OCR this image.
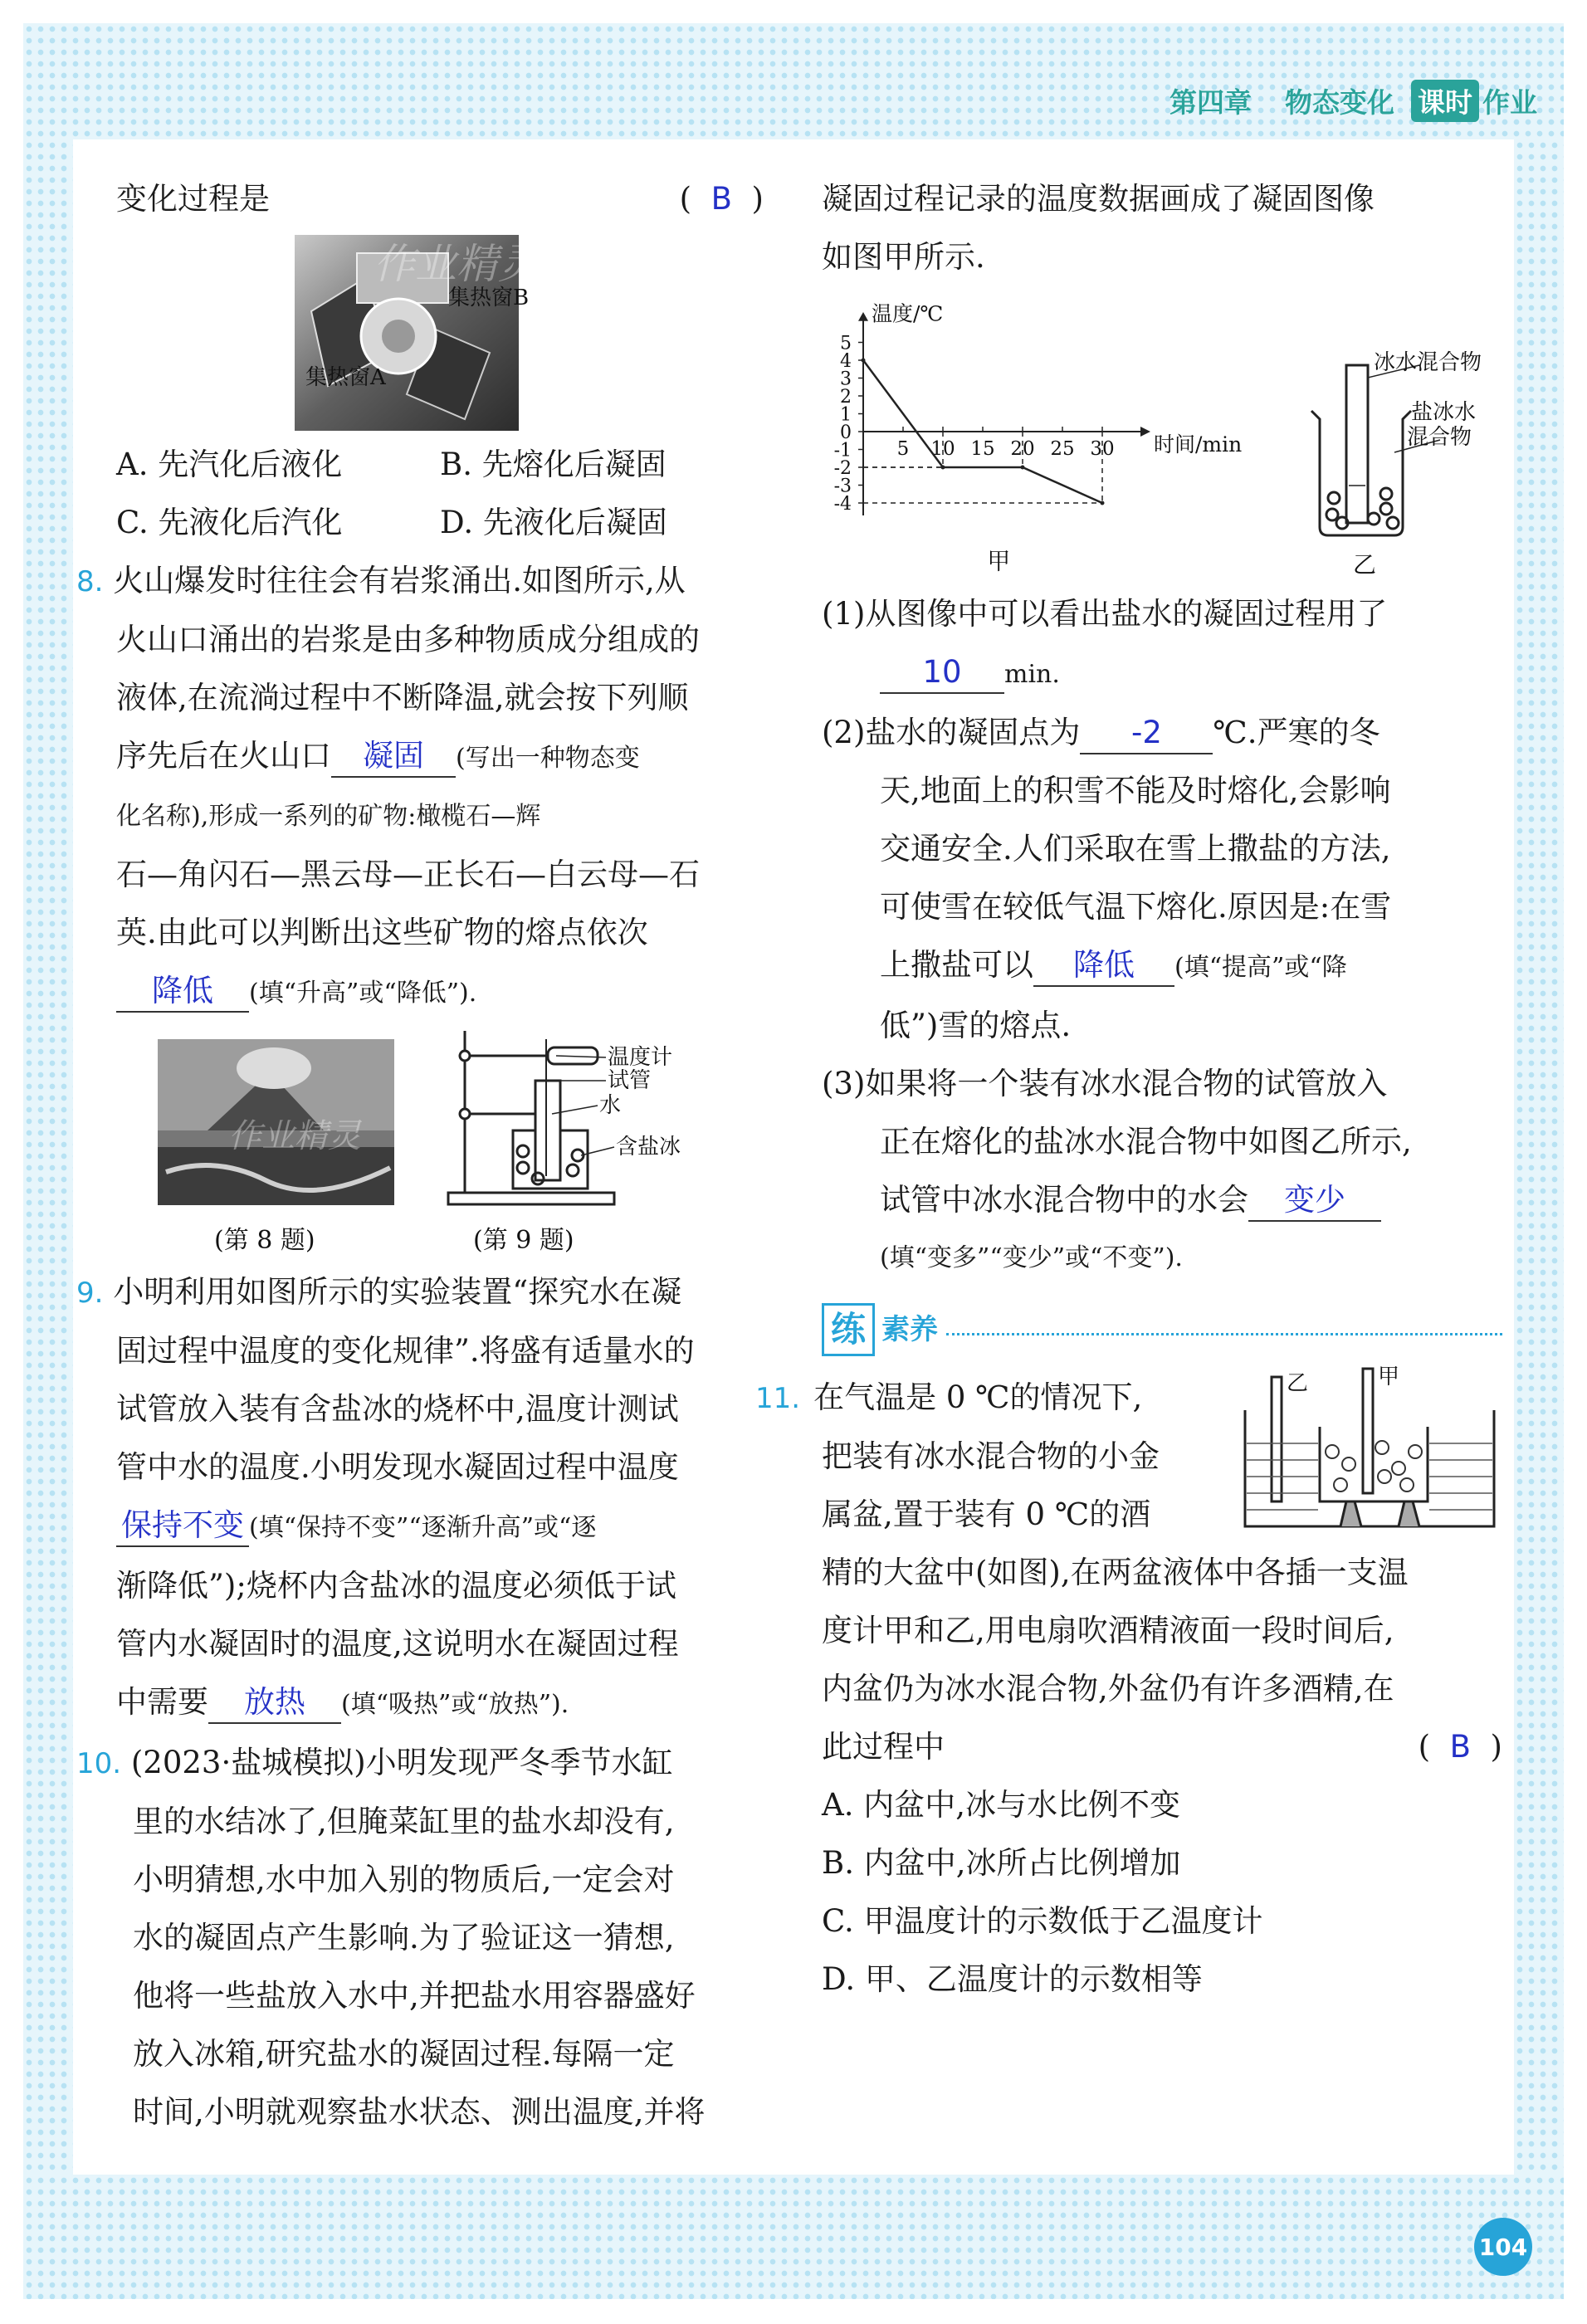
第四章 物态变化 课时 作业
变化过程是	(  B  )
集热窗B
集热窗A
作业精灵
A. 先汽化后液化	B. 先熔化后凝固
C. 先液化后汽化	D. 先液化后凝固
8. 火山爆发时往往会有岩浆涌出.如图所示,从
火山口涌出的岩浆是由多种物质成分组成的
液体,在流淌过程中不断降温,就会按下列顺
序先后在火山口 凝固 (写出一种物态变
化名称),形成一系列的矿物:橄榄石—辉
石—角闪石—黑云母—正长石—白云母—石
英.由此可以判断出这些矿物的熔点依次
降低 (填“升高”或“降低”).
作业精灵
温度计
试管
水
含盐冰
(第 8 题)	(第 9 题)
9. 小明利用如图所示的实验装置“探究水在凝
固过程中温度的变化规律”.将盛有适量水的
试管放入装有含盐冰的烧杯中,温度计测试
管中水的温度.小明发现水凝固过程中温度
保持不变 (填“保持不变”“逐渐升高”或“逐
渐降低”);烧杯内含盐冰的温度必须低于试
管内水凝固时的温度,这说明水在凝固过程
中需要 放热 (填“吸热”或“放热”).
10. (2023·盐城模拟)小明发现严冬季节水缸
里的水结冰了,但腌菜缸里的盐水却没有,
小明猜想,水中加入别的物质后,一定会对
水的凝固点产生影响.为了验证这一猜想,
他将一些盐放入水中,并把盐水用容器盛好
放入冰箱,研究盐水的凝固过程.每隔一定
时间,小明就观察盐水状态、测出温度,并将
凝固过程记录的温度数据画成了凝固图像
如图甲所示.
温度/℃
时间/min
5
4
3
2
1
0
-1
-2
-3
-4
5 10 15 20 25 30
甲
冰水混合物
盐冰水
混合物
乙
(1)从图像中可以看出盐水的凝固过程用了
10 min.
(2)盐水的凝固点为 -2 ℃.严寒的冬
天,地面上的积雪不能及时熔化,会影响
交通安全.人们采取在雪上撒盐的方法,
可使雪在较低气温下熔化.原因是:在雪
上撒盐可以 降低 (填“提高”或“降
低”)雪的熔点.
(3)如果将一个装有冰水混合物的试管放入
正在熔化的盐冰水混合物中如图乙所示,
试管中冰水混合物中的水会 变少
(填“变多”“变少”或“不变”).
练 素养
乙	甲
11. 在气温是 0 ℃的情况下,
把装有冰水混合物的小金
属盆,置于装有 0 ℃的酒
精的大盆中(如图),在两盆液体中各插一支温
度计甲和乙,用电扇吹酒精液面一段时间后,
内盆仍为冰水混合物,外盆仍有许多酒精,在
此过程中	(  B  )
A. 内盆中,冰与水比例不变
B. 内盆中,冰所占比例增加
C. 甲温度计的示数低于乙温度计
D. 甲、乙温度计的示数相等
104
